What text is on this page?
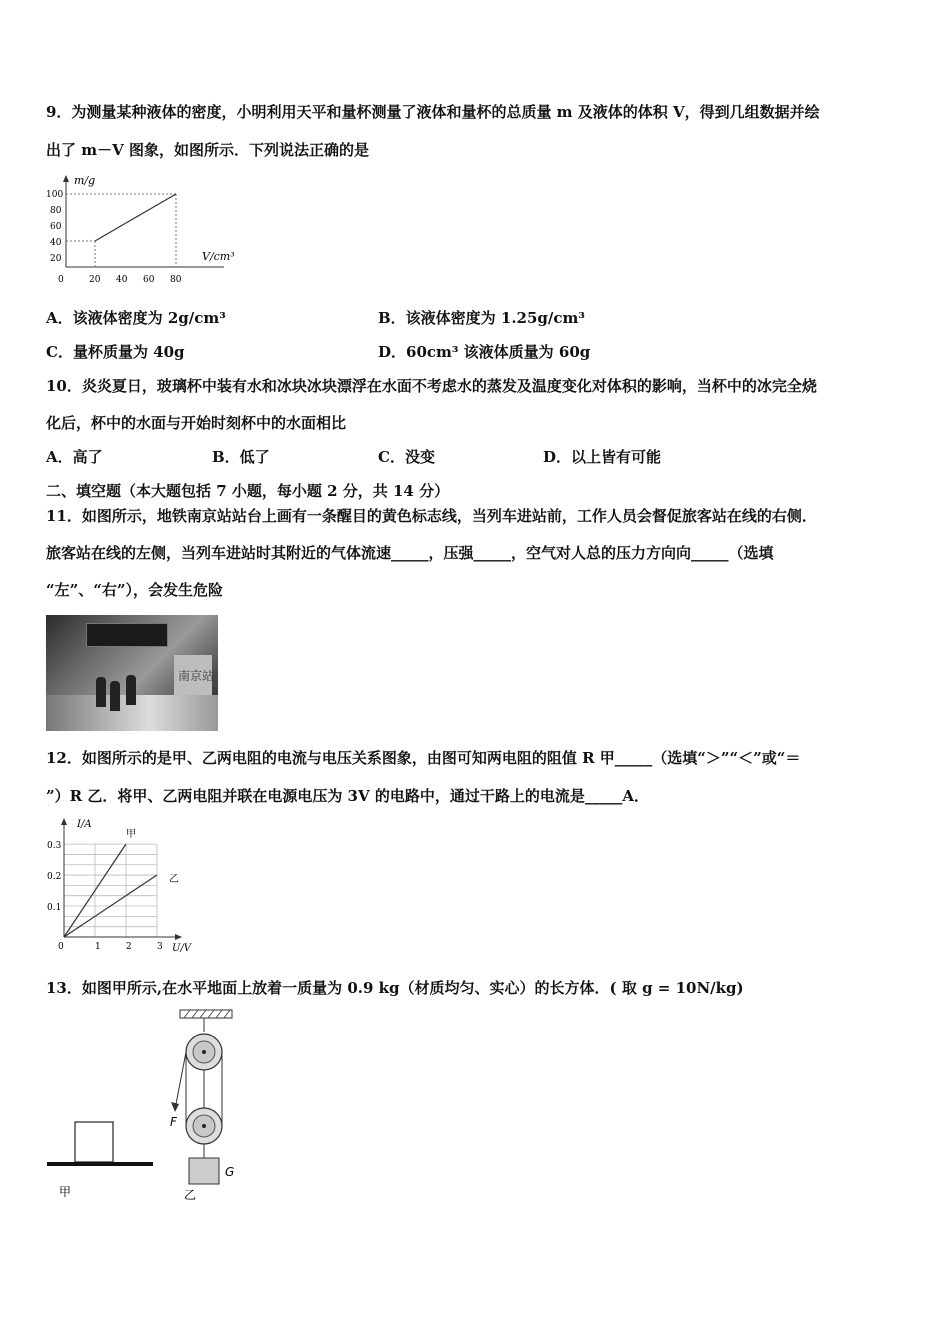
9．为测量某种液体的密度，小明利用天平和量杯测量了液体和量杯的总质量 m 及液体的体积 V，得到几组数据并绘
出了 m－V 图象，如图所示．下列说法正确的是
m/g
V/cm³
100
80
60
40
20
0	20 40 60 80
A．该液体密度为 2g/cm³	B．该液体密度为 1.25g/cm³
C．量杯质量为 40g	D．60cm³ 该液体质量为 60g
10．炎炎夏日，玻璃杯中装有水和冰块冰块漂浮在水面不考虑水的蒸发及温度变化对体积的影响，当杯中的冰完全烧
化后，杯中的水面与开始时刻杯中的水面相比
A．高了	B．低了	C．没变	D．以上皆有可能
二、填空题（本大题包括 7 小题，每小题 2 分，共 14 分）
11．如图所示，地铁南京站站台上画有一条醒目的黄色标志线，当列车进站前，工作人员会督促旅客站在线的右侧．
旅客站在线的左侧，当列车进站时其附近的气体流速_____，压强_____，空气对人总的压力方向向_____（选填
“左”、“右”），会发生危险
南京站
12．如图所示的是甲、乙两电阻的电流与电压关系图象，由图可知两电阻的阻值 R 甲_____（选填“＞”“＜”或“＝
”）R 乙．将甲、乙两电阻并联在电源电压为 3V 的电路中，通过干路上的电流是_____A．
I/A
U/V
0.3
0.2
0.1
0	1	2	3
甲
乙
13．如图甲所示,在水平地面上放着一质量为 0.9 kg（材质均匀、实心）的长方体．( 取 g = 10N/kg)
甲
F
G
乙
